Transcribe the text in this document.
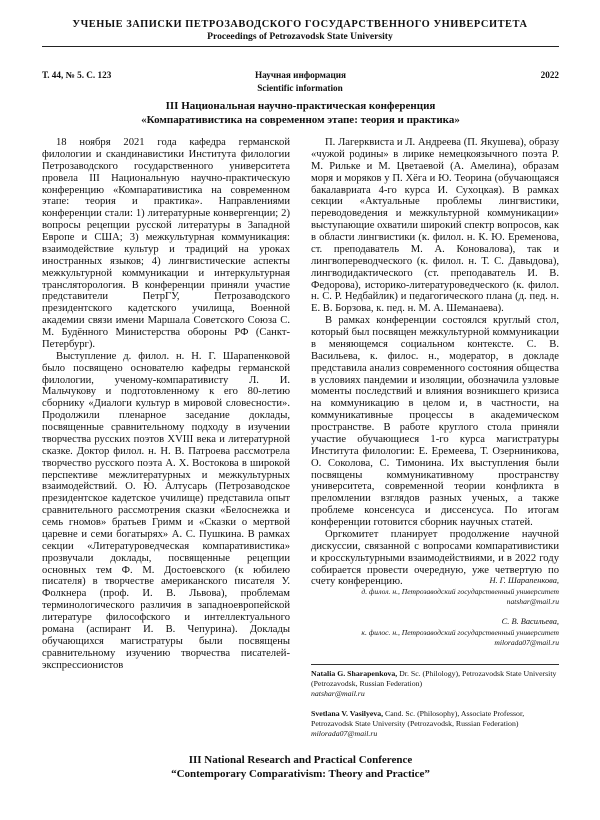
УЧЕНЫЕ ЗАПИСКИ ПЕТРОЗАВОДСКОГО ГОСУДАРСТВЕННОГО УНИВЕРСИТЕТА
Proceedings of Petrozavodsk State University
Т. 44, № 5. С. 123	Научная информация	2022
Scientific information
III Национальная научно-практическая конференция
«Компаративистика на современном этапе: теория и практика»

18 ноября 2021 года кафедра германской филологии и скандинавистики Института филологии Петрозаводского государственного университета провела III Национальную научно-практическую конференцию «Компаративистика на современном этапе: теория и практика». Направлениями конференции стали: 1) литературные конвергенции; 2) вопросы рецепции русской литературы в Западной Европе и США; 3) межкультурная коммуникация: взаимодействие культур и традиций на уроках иностранных языков; 4) лингвистические аспекты межкультурной коммуникации и интеркультурная трансляторология. В конференции приняли участие представители ПетрГУ, Петрозаводского президентского кадетского училища, Военной академии связи имени Маршала Советского Союза С. М. Будённого Министерства обороны РФ (Санкт-Петербург).

Выступление д. филол. н. Н. Г. Шарапенковой было посвящено основателю кафедры германской филологии, ученому-компаративисту Л. И. Мальчукову и подготовленному к его 80-летию сборнику «Диалоги культур в мировой словесности». Продолжили пленарное заседание доклады, посвященные сравнительному подходу в изучении творчества русских поэтов XVIII века и литературной сказке. Доктор филол. н. Н. В. Патроева рассмотрела творчество русского поэта А. Х. Востокова в широкой перспективе межлитературных и межкультурных взаимодействий. О. Ю. Алтусарь (Петрозаводское президентское кадетское училище) представила опыт сравнительного рассмотрения сказки «Белоснежка и семь гномов» братьев Гримм и «Сказки о мертвой царевне и семи богатырях» А. С. Пушкина. В рамках секции «Литературоведческая компаративистика» прозвучали доклады, посвященные рецепции основных тем Ф. М. Достоевского (к юбилею писателя) в творчестве американского писателя У. Фолкнера (проф. И. В. Львова), проблемам терминологического различия в западноевропейской литературе философского и интеллектуального романа (аспирант И. В. Чепурина). Доклады обучающихся магистратуры были посвящены сравнительному изучению творчества писателей-экспрессионистов

П. Лагерквиста и Л. Андреева (П. Якушева), образу «чужой родины» в лирике немецкоязычного поэта Р. М. Рильке и М. Цветаевой (А. Амелина), образам моря и моряков у П. Хёга и Ю. Теорина (обучающаяся бакалавриата 4-го курса И. Сухоцкая). В рамках секции «Актуальные проблемы лингвистики, переводоведения и межкультурной коммуникации» выступающие охватили широкий спектр вопросов, как в области лингвистики (к. филол. н. К. Ю. Еременова, ст. преподаватель М. А. Коновалова), так и лингвопереводческого (к. филол. н. Т. С. Давыдова), лингводидактического (ст. преподаватель И. В. Федорова), историко-литературоведческого (к. филол. н. С. Р. Недбайлик) и педагогического плана (д. пед. н. Е. В. Борзова, к. пед. н. М. А. Шеманаева).

В рамках конференции состоялся круглый стол, который был посвящен межкультурной коммуникации в меняющемся социальном контексте. С. В. Васильева, к. филос. н., модератор, в докладе представила анализ современного состояния общества в условиях пандемии и изоляции, обозначила узловые моменты последствий и влияния возникшего кризиса на коммуникацию в целом и, в частности, на коммуникативные процессы в академическом пространстве. В работе круглого стола приняли участие обучающиеся 1-го курса магистратуры Института филологии: Е. Еремеева, Т. Озерниникова, О. Соколова, С. Тимонина. Их выступления были посвящены коммуникативному пространству университета, современной теории конфликта в преломлении взглядов разных ученых, а также проблеме консенсуса и диссенсуса. По итогам конференции готовится сборник научных статей.

Оргкомитет планирует продолжение научной дискуссии, связанной с вопросами компаративистики и кросскультурными взаимодействиями, и в 2022 году собирается провести очередную, уже четвертую по счету конференцию.	Н. Г. Шарапенкова,
д. филол. н., Петрозаводский государственный университет
natshar@mail.ru
С. В. Васильева,
к. филос. н., Петрозаводский государственный университет
milorada07@mail.ru
Natalia G. Sharapenkova, Dr. Sc. (Philology), Petrozavodsk State University (Petrozavodsk, Russian Federation)
natshar@mail.ru
Svetlana V. Vasilyeva, Cand. Sc. (Philosophy), Associate Professor, Petrozavodsk State University (Petrozavodsk, Russian Federation)
milorada07@mail.ru
III National Research and Practical Conference
“Contemporary Comparativism: Theory and Practice”
